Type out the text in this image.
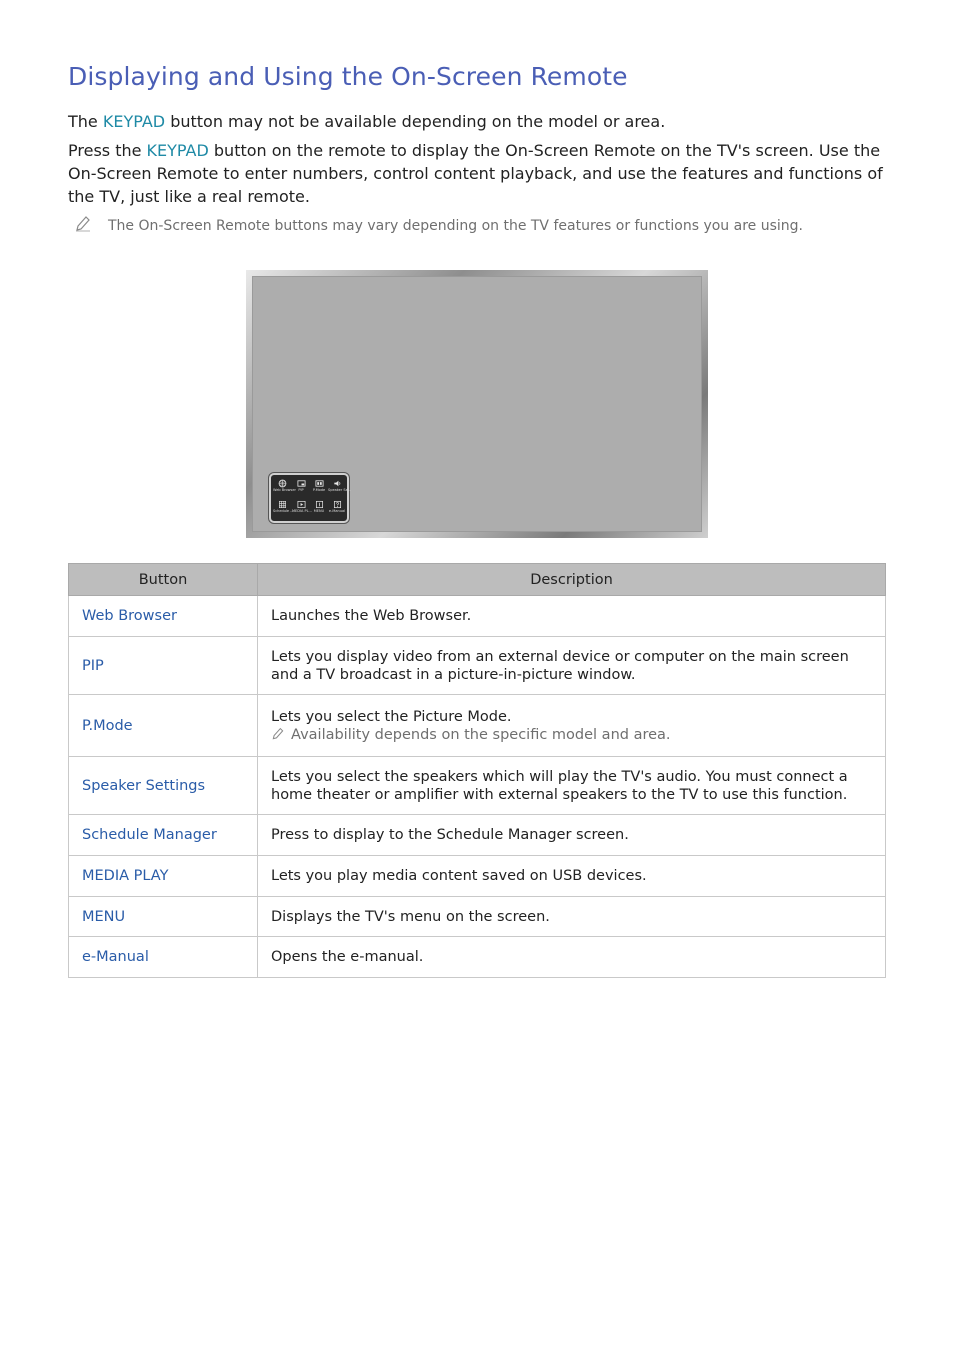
Displaying and Using the On-Screen Remote

The KEYPAD button may not be available depending on the model or area.

Press the KEYPAD button on the remote to display the On-Screen Remote on the TV's screen. Use the On-Screen Remote to enter numbers, control content playback, and use the features and functions of the TV, just like a real remote.

The On-Screen Remote buttons may vary depending on the TV features or functions you are using.
Web Browser PIP	P.Mode Speaker Se...
Schedule ...
MEDIA PL... MENU	e-Manual
Button	Description
Web Browser	Launches the Web Browser.
PIP	Lets you display video from an external device or computer on the main screen and a TV broadcast in a picture-in-picture window.
P.Mode	Lets you select the Picture Mode.
Availability depends on the specific model and area.

Speaker Settings	Lets you select the speakers which will play the TV's audio. You must connect a home theater or amplifier with external speakers to the TV to use this function.
Schedule Manager	Press to display to the Schedule Manager screen.
MEDIA PLAY	Lets you play media content saved on USB devices.
MENU	Displays the TV's menu on the screen.
e-Manual	Opens the e-manual.
